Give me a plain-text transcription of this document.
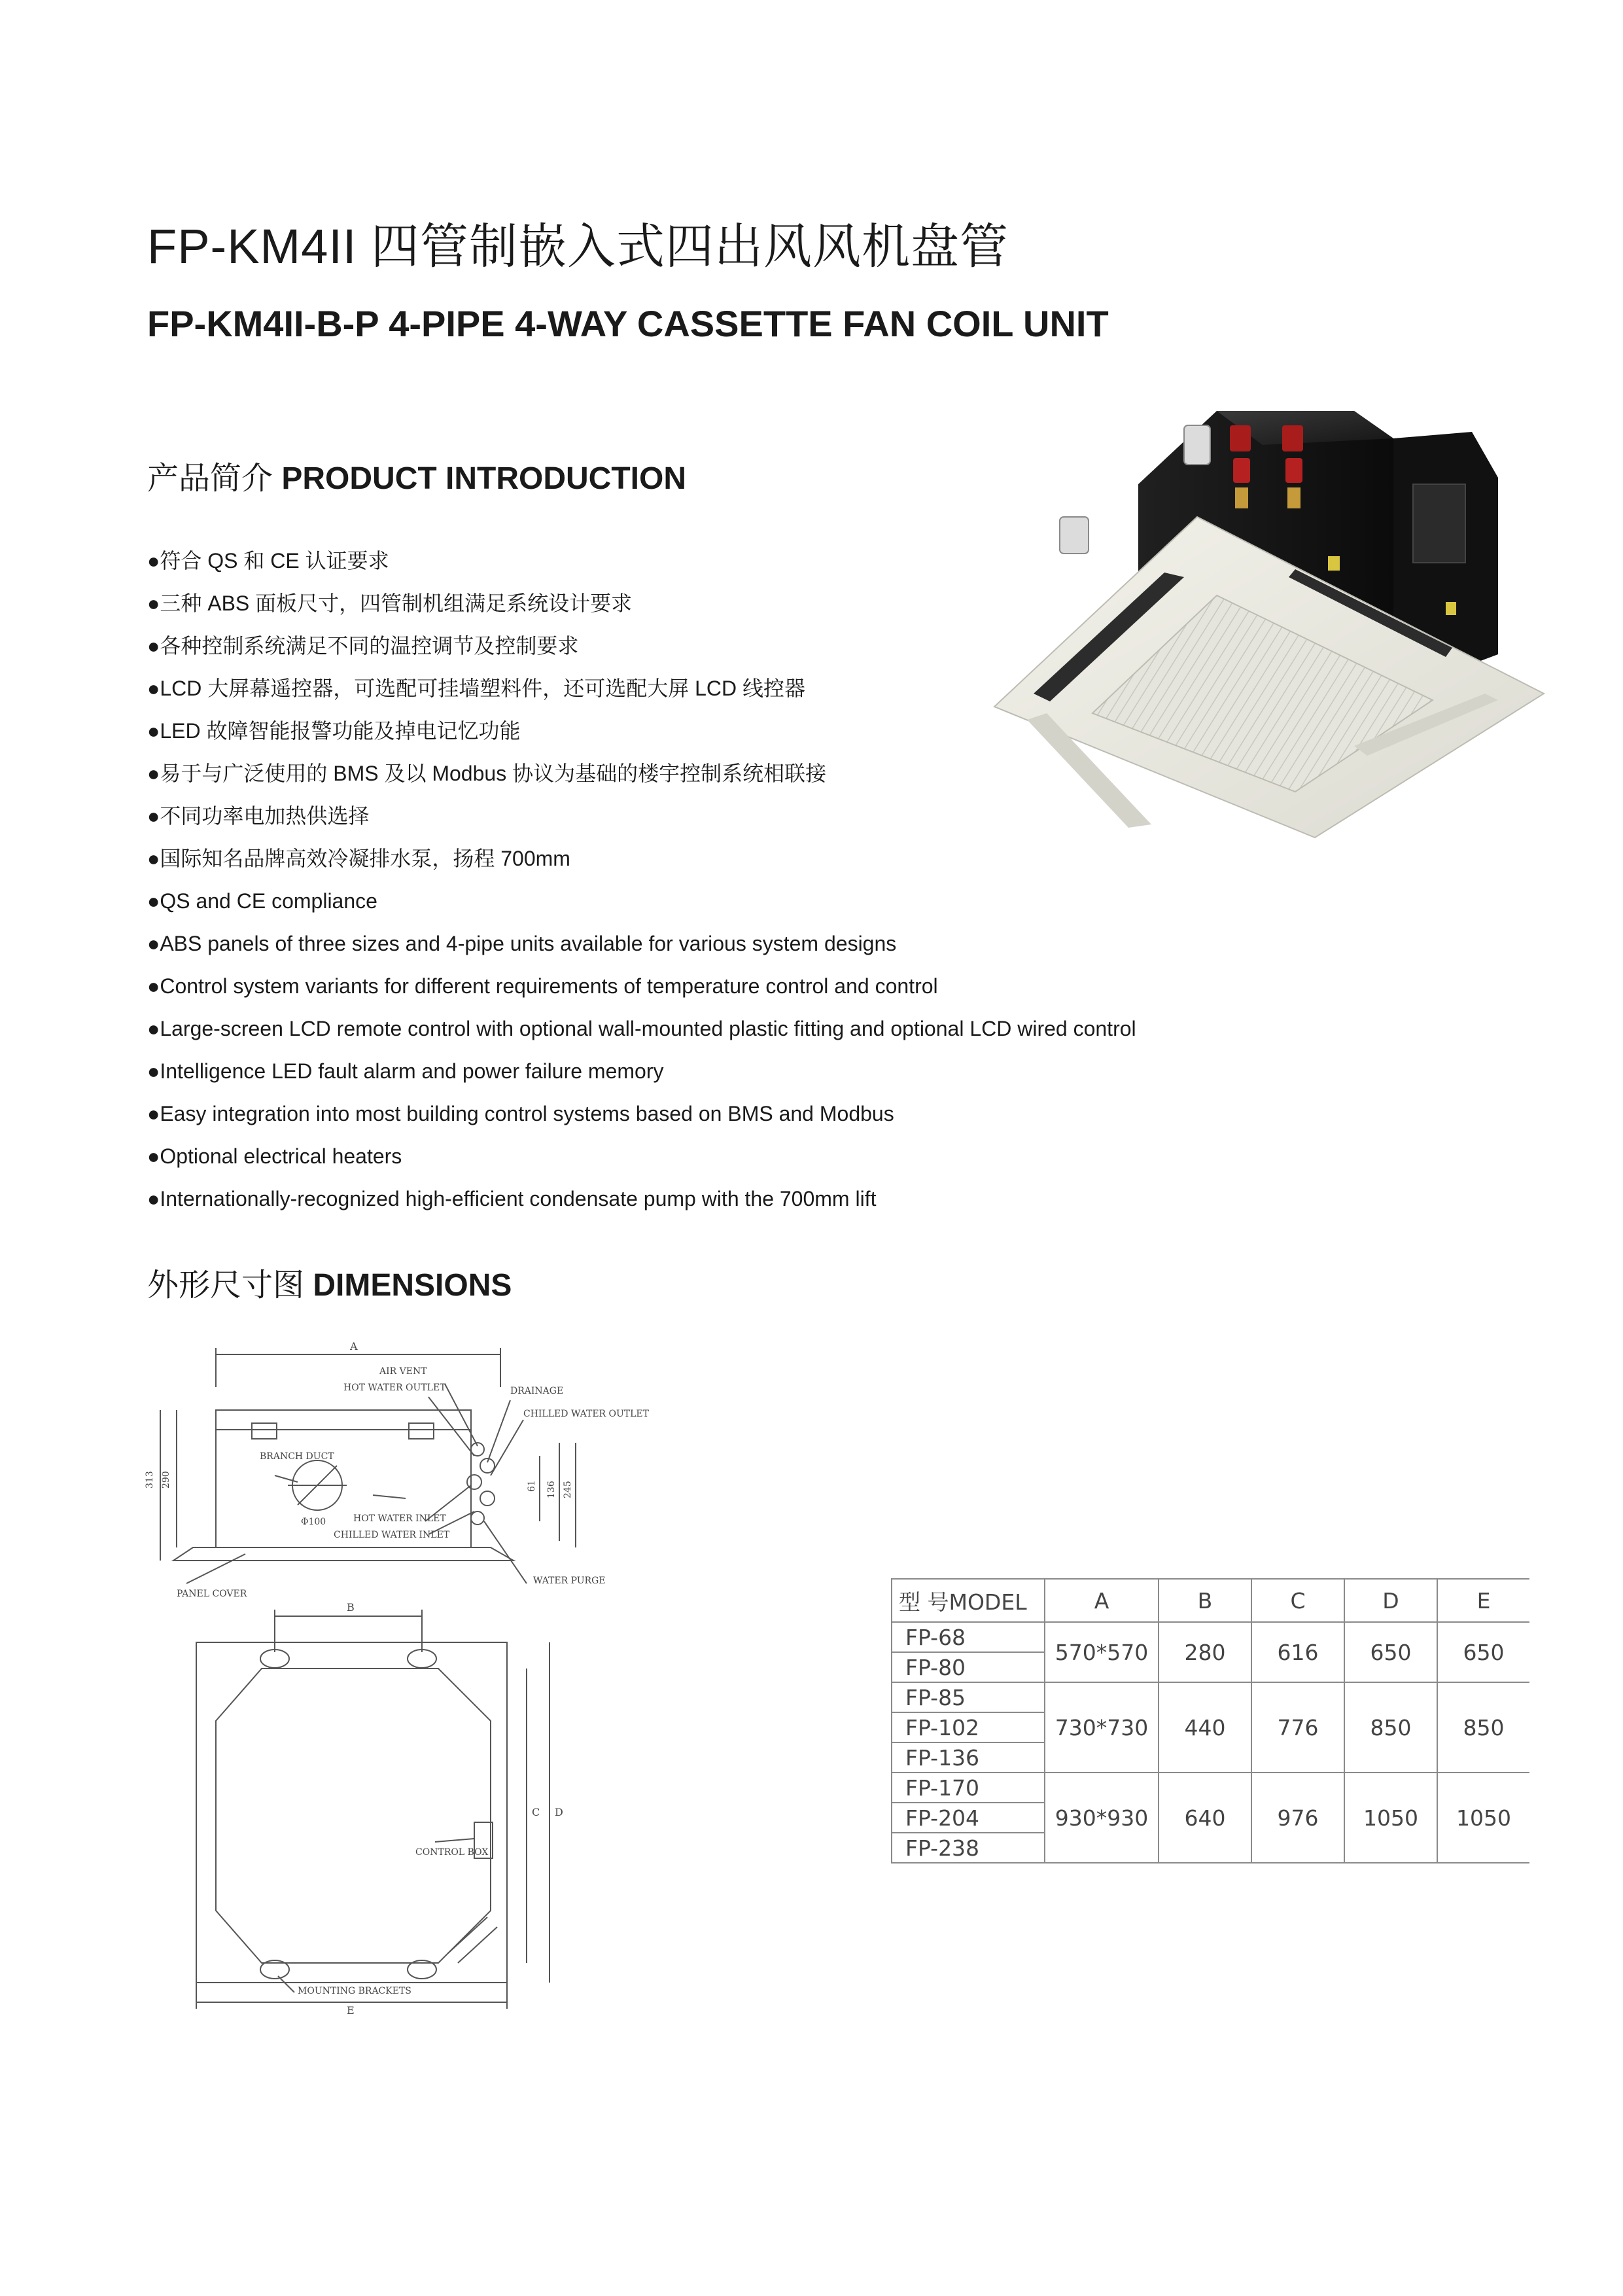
FP-KM4II 四管制嵌入式四出风风机盘管
FP-KM4II-B-P 4-PIPE 4-WAY CASSETTE FAN COIL UNIT
产品简介 PRODUCT INTRODUCTION
●符合 QS 和 CE 认证要求
●三种 ABS 面板尺寸，四管制机组满足系统设计要求
●各种控制系统满足不同的温控调节及控制要求
●LCD 大屏幕遥控器，可选配可挂墙塑料件，还可选配大屏 LCD 线控器
●LED 故障智能报警功能及掉电记忆功能
●易于与广泛使用的 BMS 及以 Modbus 协议为基础的楼宇控制系统相联接
●不同功率电加热供选择
●国际知名品牌高效冷凝排水泵，扬程 700mm
●QS and CE compliance
●ABS panels of three sizes and 4-pipe units available for various system designs
●Control system variants for different requirements of temperature control and control
●Large-screen LCD remote control with optional wall-mounted plastic fitting and optional LCD wired control
●Intelligence LED fault alarm and power failure memory
●Easy integration into most building control systems based on BMS and Modbus
●Optional electrical heaters
●Internationally-recognized high-efficient condensate pump with the 700mm lift
外形尺寸图 DIMENSIONS
A
313 290	61 136 245
AIR VENT
HOT WATER OUTLET	DRAINAGE
CHILLED WATER OUTLET
BRANCH DUCT
Φ100	HOT WATER INLET
CHILLED WATER INLET
WATER PURGE
PANEL COVER
B
CONTROL BOX
C D
E
MOUNTING BRACKETS
型 号MODEL	A	B	C	D	E
FP-68	570*570	280	616	650	650
FP-80					
FP-85	730*730	440	776	850	850
FP-102					
FP-136					
FP-170	930*930	640	976	1050	1050
FP-204					
FP-238					
